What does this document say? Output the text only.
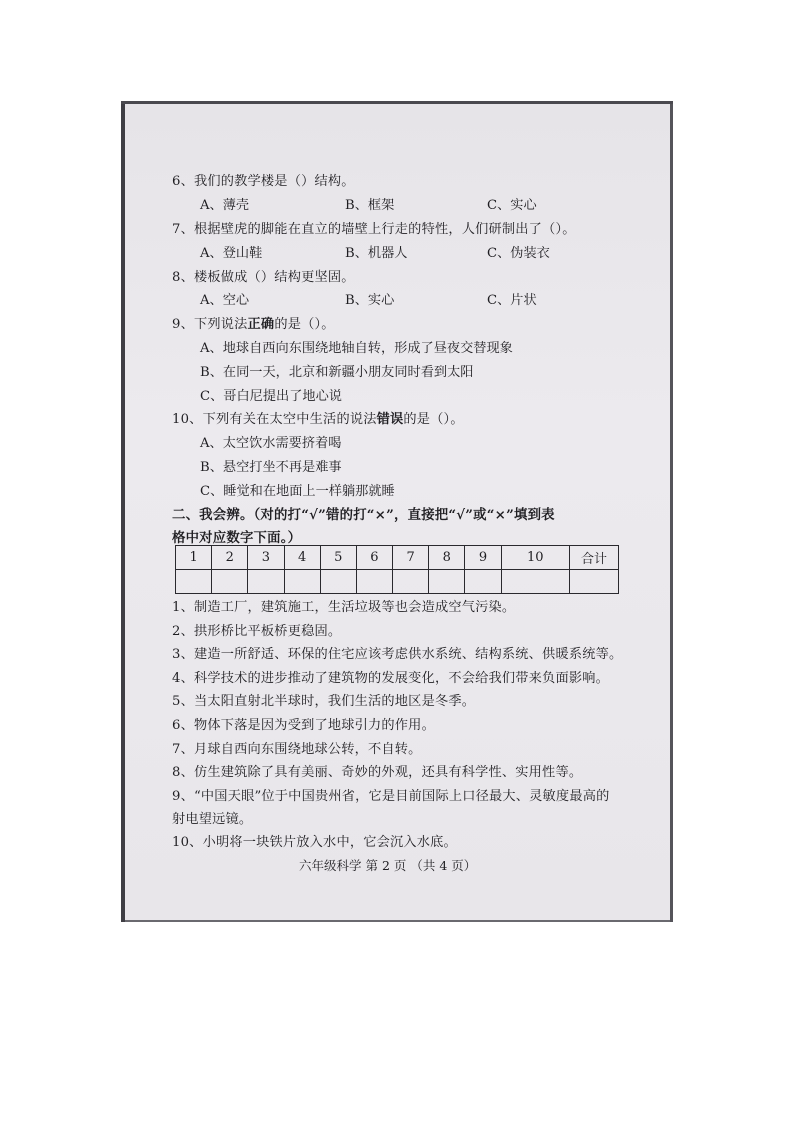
6、我们的教学楼是（）结构。
A、薄壳	B、框架	C、实心
7、根据壁虎的脚能在直立的墙壁上行走的特性，人们研制出了（）。
A、登山鞋	B、机器人	C、伪装衣
8、楼板做成（）结构更坚固。
A、空心	B、实心	C、片状
9、下列说法正确的是（）。
A、地球自西向东围绕地轴自转，形成了昼夜交替现象
B、在同一天，北京和新疆小朋友同时看到太阳
C、哥白尼提出了地心说
10、下列有关在太空中生活的说法错误的是（）。
A、太空饮水需要挤着喝
B、悬空打坐不再是难事
C、睡觉和在地面上一样躺那就睡
二、我会辨。（对的打“√”错的打“×”，直接把“√”或“×”填到表
格中对应数字下面。）
1	2	3	4	5	6	7	8	9	10	合计

1、制造工厂，建筑施工，生活垃圾等也会造成空气污染。
2、拱形桥比平板桥更稳固。
3、建造一所舒适、环保的住宅应该考虑供水系统、结构系统、供暖系统等。
4、科学技术的进步推动了建筑物的发展变化，不会给我们带来负面影响。
5、当太阳直射北半球时，我们生活的地区是冬季。
6、物体下落是因为受到了地球引力的作用。
7、月球自西向东围绕地球公转，不自转。
8、仿生建筑除了具有美丽、奇妙的外观，还具有科学性、实用性等。
9、“中国天眼”位于中国贵州省，它是目前国际上口径最大、灵敏度最高的
射电望远镜。
10、小明将一块铁片放入水中，它会沉入水底。
六年级科学 第 2 页 （共 4 页）
